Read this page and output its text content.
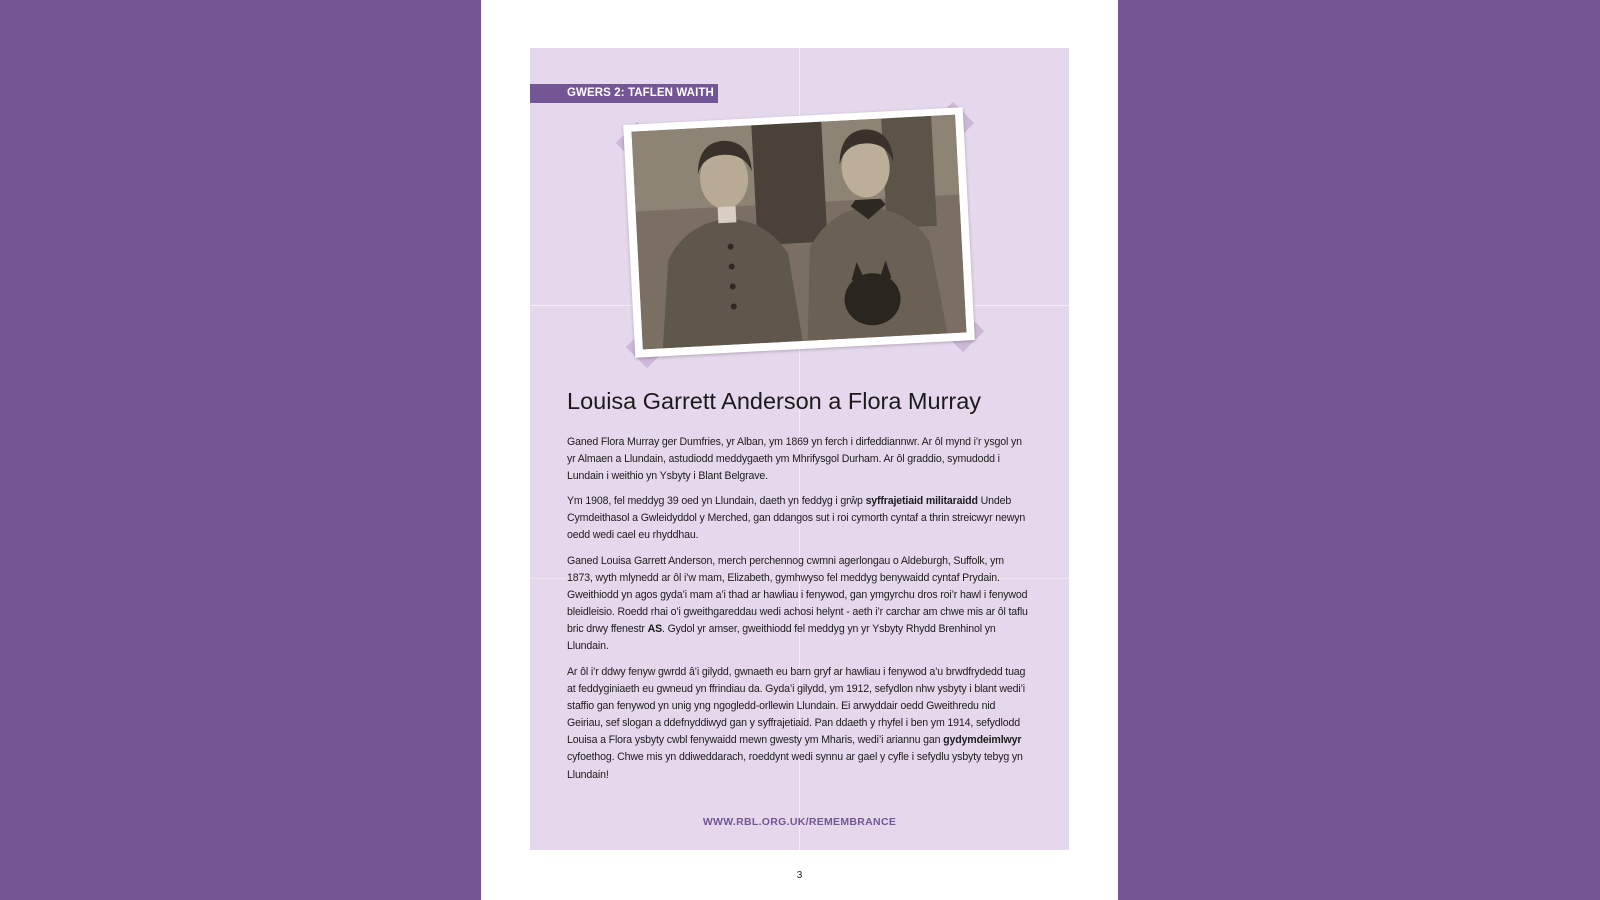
GWERS 2: TAFLEN WAITH
Louisa Garrett Anderson a Flora Murray

Ganed Flora Murray ger Dumfries, yr Alban, ym 1869 yn ferch i dirfeddiannwr. Ar ôl mynd i’r ysgol yn yr Almaen a Llundain, astudiodd meddygaeth ym Mhrifysgol Durham. Ar ôl graddio, symudodd i Lundain i weithio yn Ysbyty i Blant Belgrave.

Ym 1908, fel meddyg 39 oed yn Llundain, daeth yn feddyg i grŵp syffrajetiaid militaraidd Undeb Cymdeithasol a Gwleidyddol y Merched, gan ddangos sut i roi cymorth cyntaf a thrin streicwyr newyn oedd wedi cael eu rhyddhau.

Ganed Louisa Garrett Anderson, merch perchennog cwmni agerlongau o Aldeburgh, Suffolk, ym 1873, wyth mlynedd ar ôl i’w mam, Elizabeth, gymhwyso fel meddyg benywaidd cyntaf Prydain. Gweithiodd yn agos gyda’i mam a’i thad ar hawliau i fenywod, gan ymgyrchu dros roi’r hawl i fenywod bleidleisio. Roedd rhai o’i gweithgareddau wedi achosi helynt - aeth i’r carchar am chwe mis ar ôl taflu bric drwy ffenestr AS. Gydol yr amser, gweithiodd fel meddyg yn yr Ysbyty Rhydd Brenhinol yn Llundain.

Ar ôl i’r ddwy fenyw gwrdd â’i gilydd, gwnaeth eu barn gryf ar hawliau i fenywod a’u brwdfrydedd tuag at feddyginiaeth eu gwneud yn ffrindiau da. Gyda’i gilydd, ym 1912, sefydlon nhw ysbyty i blant wedi’i staffio gan fenywod yn unig yng ngogledd-orllewin Llundain. Ei arwyddair oedd Gweithredu nid Geiriau, sef slogan a ddefnyddiwyd gan y syffrajetiaid. Pan ddaeth y rhyfel i ben ym 1914, sefydlodd Louisa a Flora ysbyty cwbl fenywaidd mewn gwesty ym Mharis, wedi’i ariannu gan gydymdeimlwyr cyfoethog. Chwe mis yn ddiweddarach, roeddynt wedi synnu ar gael y cyfle i sefydlu ysbyty tebyg yn Llundain!

WWW.RBL.ORG.UK/REMEMBRANCE
3
